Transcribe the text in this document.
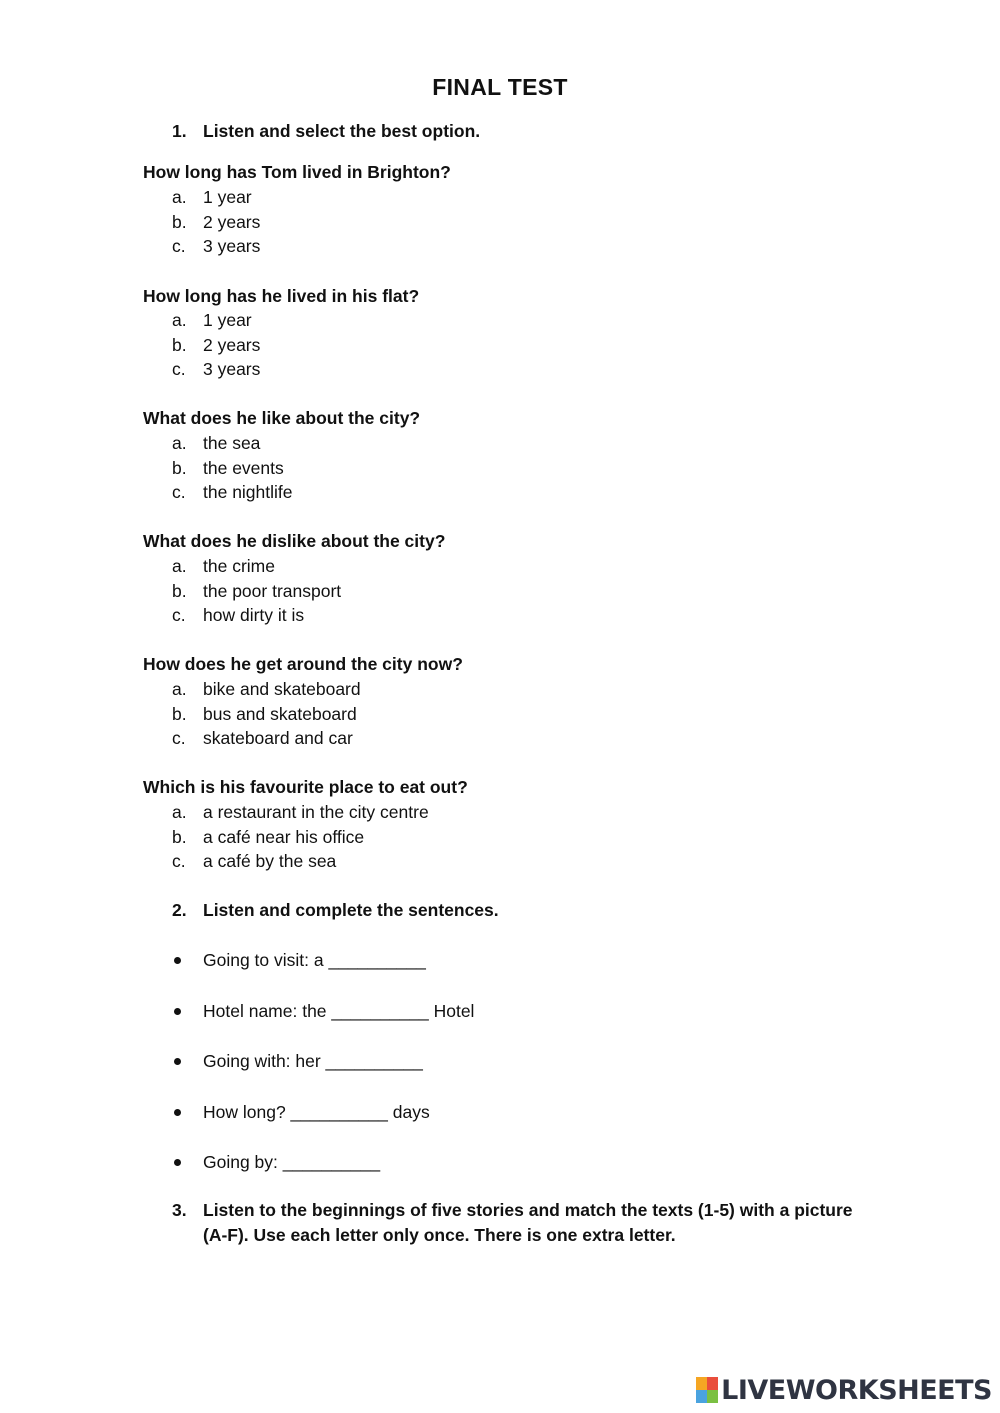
FINAL TEST
1. Listen and select the best option.
How long has Tom lived in Brighton?
a. 1 year
b. 2 years
c. 3 years
How long has he lived in his flat?
a. 1 year
b. 2 years
c. 3 years
What does he like about the city?
a. the sea
b. the events
c. the nightlife
What does he dislike about the city?
a. the crime
b. the poor transport
c. how dirty it is
How does he get around the city now?
a. bike and skateboard
b. bus and skateboard
c. skateboard and car
Which is his favourite place to eat out?
a. a restaurant in the city centre
b. a café near his office
c. a café by the sea
2. Listen and complete the sentences.
Going to visit: a __________
Hotel name: the __________ Hotel
Going with: her __________
How long? __________ days
Going by: __________
3. Listen to the beginnings of five stories and match the texts (1-5) with a picture (A-F). Use each letter only once. There is one extra letter.
LIVEWORKSHEETS
